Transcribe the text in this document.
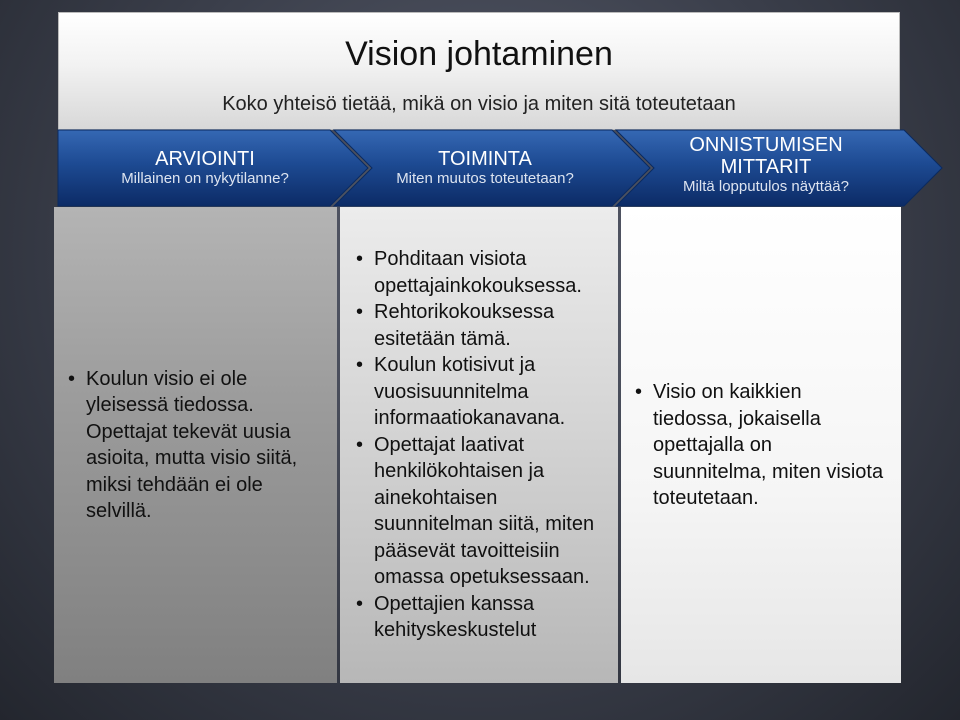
Vision johtaminen
Koko yhteisö tietää, mikä on visio ja miten sitä toteutetaan
ARVIOINTI
Millainen on nykytilanne?
TOIMINTA
Miten muutos toteutetaan?
ONNISTUMISEN
MITTARIT
Miltä lopputulos näyttää?
• Koulun visio ei ole yleisessä tiedossa. Opettajat tekevät uusia asioita, mutta visio siitä, miksi tehdään ei ole selvillä.
• Pohditaan visiota opettajainkokouksessa.
• Rehtorikokouksessa esitetään tämä.
• Koulun kotisivut ja vuosisuunnitelma informaatiokanavana.
• Opettajat laativat henkilökohtaisen ja ainekohtaisen suunnitelman siitä, miten pääsevät tavoitteisiin omassa opetuksessaan.
• Opettajien kanssa kehityskeskustelut
• Visio on kaikkien tiedossa, jokaisella opettajalla on suunnitelma, miten visiota toteutetaan.
